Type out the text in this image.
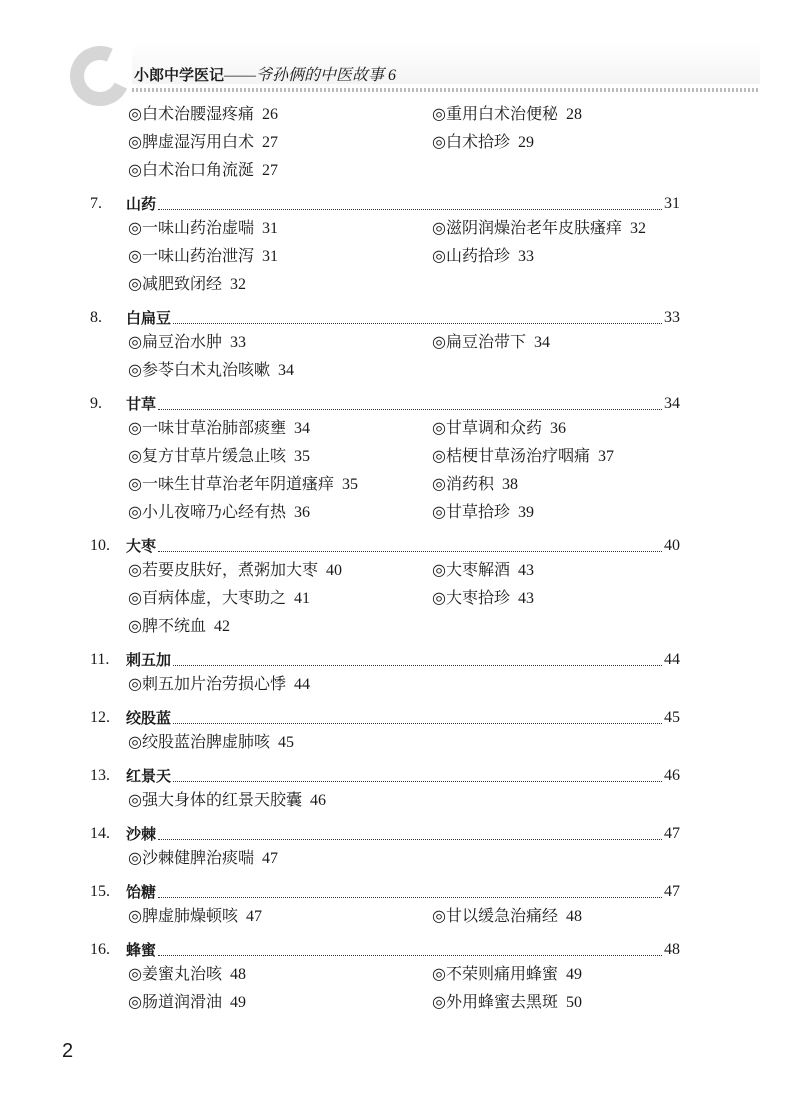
小郎中学医记——爷孙俩的中医故事 6
◎白术治腰湿疼痛 26	◎重用白术治便秘 28
◎脾虚湿泻用白术 27	◎白术拾珍 29
◎白术治口角流涎 27
7.	山药	31
◎一味山药治虚喘 31	◎滋阴润燥治老年皮肤瘙痒 32
◎一味山药治泄泻 31	◎山药拾珍 33
◎减肥致闭经 32
8.	白扁豆	33
◎扁豆治水肿 33	◎扁豆治带下 34
◎参苓白术丸治咳嗽 34
9.	甘草	34
◎一味甘草治肺部痰壅 34	◎甘草调和众药 36
◎复方甘草片缓急止咳 35	◎桔梗甘草汤治疗咽痛 37
◎一味生甘草治老年阴道瘙痒 35	◎消药积 38
◎小儿夜啼乃心经有热 36	◎甘草拾珍 39
10.	大枣	40
◎若要皮肤好，煮粥加大枣 40	◎大枣解酒 43
◎百病体虚，大枣助之 41	◎大枣拾珍 43
◎脾不统血 42
11.	刺五加	44
◎刺五加片治劳损心悸 44
12.	绞股蓝	45
◎绞股蓝治脾虚肺咳 45
13.	红景天	46
◎强大身体的红景天胶囊 46
14.	沙棘	47
◎沙棘健脾治痰喘 47
15.	饴糖	47
◎脾虚肺燥顿咳 47	◎甘以缓急治痛经 48
16.	蜂蜜	48
◎姜蜜丸治咳 48	◎不荣则痛用蜂蜜 49
◎肠道润滑油 49	◎外用蜂蜜去黑斑 50
2
